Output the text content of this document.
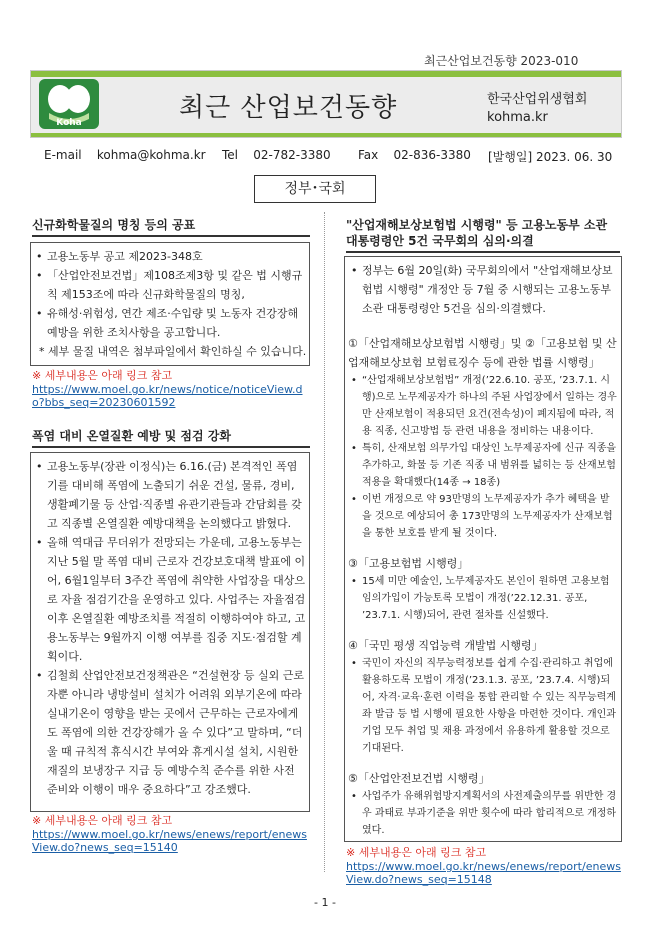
최근산업보건동향 2023-010
Koha	최근 산업보건동향	한국산업위생협회
kohma.kr
E-mail kohma@kohma.kr Tel 02-782-3380 Fax 02-836-3380 [발행일] 2023. 06. 30
정부･국회
신규화학물질의 명칭 등의 공표

• 고용노동부 공고 제2023-348호

• 「산업안전보건법」제108조제3항 및 같은 법 시행규칙 제153조에 따라 신규화학물질의 명칭,

• 유해성·위험성, 연간 제조·수입량 및 노동자 건강장해 예방을 위한 조치사항을 공고합니다.

* 세부 물질 내역은 첨부파일에서 확인하실 수 있습니다.
※ 세부내용은 아래 링크 참고
https://www.moel.go.kr/news/notice/noticeView.do?bbs_seq=20230601592
폭염 대비 온열질환 예방 및 점검 강화

• 고용노동부(장관 이정식)는 6.16.(금) 본격적인 폭염기를 대비해 폭염에 노출되기 쉬운 건설, 물류, 경비, 생활폐기물 등 산업·직종별 유관기관들과 간담회를 갖고 직종별 온열질환 예방대책을 논의했다고 밝혔다.

• 올해 역대급 무더위가 전망되는 가운데, 고용노동부는 지난 5월 말 폭염 대비 근로자 건강보호대책 발표에 이어, 6월1일부터 3주간 폭염에 취약한 사업장을 대상으로 자율 점검기간을 운영하고 있다. 사업주는 자율점검 이후 온열질환 예방조치를 적절히 이행하여야 하고, 고용노동부는 9월까지 이행 여부를 집중 지도·점검할 계획이다.

• 김철희 산업안전보건정책관은 “건설현장 등 실외 근로자뿐 아니라 냉방설비 설치가 어려워 외부기온에 따라 실내기온이 영향을 받는 곳에서 근무하는 근로자에게도 폭염에 의한 건강장해가 올 수 있다”고 말하며, “더울 때 규칙적 휴식시간 부여와 휴게시설 설치, 시원한 재질의 보냉장구 지급 등 예방수칙 준수를 위한 사전 준비와 이행이 매우 중요하다”고 강조했다.

※ 세부내용은 아래 링크 참고
https://www.moel.go.kr/news/enews/report/enewsView.do?news_seq=15140
"산업재해보상보험법 시행령" 등 고용노동부 소관 대통령령안 5건 국무회의 심의·의결

• 정부는 6월 20일(화) 국무회의에서 "산업재해보상보험법 시행령" 개정안 등 7월 중 시행되는 고용노동부 소관 대통령령안 5건을 심의·의결했다.

①「산업재해보상보험법 시행령」및 ②「고용보험 및 산업재해보상보험 보험료징수 등에 관한 법률 시행령」

• “산업재해보상보험법” 개정(’22.6.10. 공포, ’23.7.1. 시행)으로 노무제공자가 하나의 주된 사업장에서 일하는 경우만 산재보험이 적용되던 요건(전속성)이 폐지됨에 따라, 적용 직종, 신고방법 등 관련 내용을 정비하는 내용이다.

• 특히, 산재보험 의무가입 대상인 노무제공자에 신규 직종을 추가하고, 화물 등 기존 직종 내 범위를 넓히는 등 산재보험 적용을 확대했다(14종 → 18종)

• 이번 개정으로 약 93만명의 노무제공자가 추가 혜택을 받을 것으로 예상되어 총 173만명의 노무제공자가 산재보험을 통한 보호를 받게 될 것이다.

③「고용보험법 시행령」

• 15세 미만 예술인, 노무제공자도 본인이 원하면 고용보험 임의가입이 가능토록 모법이 개정(’22.12.31. 공포, ’23.7.1. 시행)되어, 관련 절차를 신설했다.

④「국민 평생 직업능력 개발법 시행령」

• 국민이 자신의 직무능력정보를 쉽게 수집·관리하고 취업에 활용하도록 모법이 개정(’23.1.3. 공포, ’23.7.4. 시행)되어, 자격·교육·훈련 이력을 통합 관리할 수 있는 직무능력계좌 발급 등 법 시행에 필요한 사항을 마련한 것이다. 개인과 기업 모두 취업 및 채용 과정에서 유용하게 활용할 것으로 기대된다.

⑤「산업안전보건법 시행령」

• 사업주가 유해위험방지계획서의 사전제출의무를 위반한 경우 과태료 부과기준을 위반 횟수에 따라 합리적으로 개정하였다.

※ 세부내용은 아래 링크 참고
https://www.moel.go.kr/news/enews/report/enewsView.do?news_seq=15148
- 1 -
